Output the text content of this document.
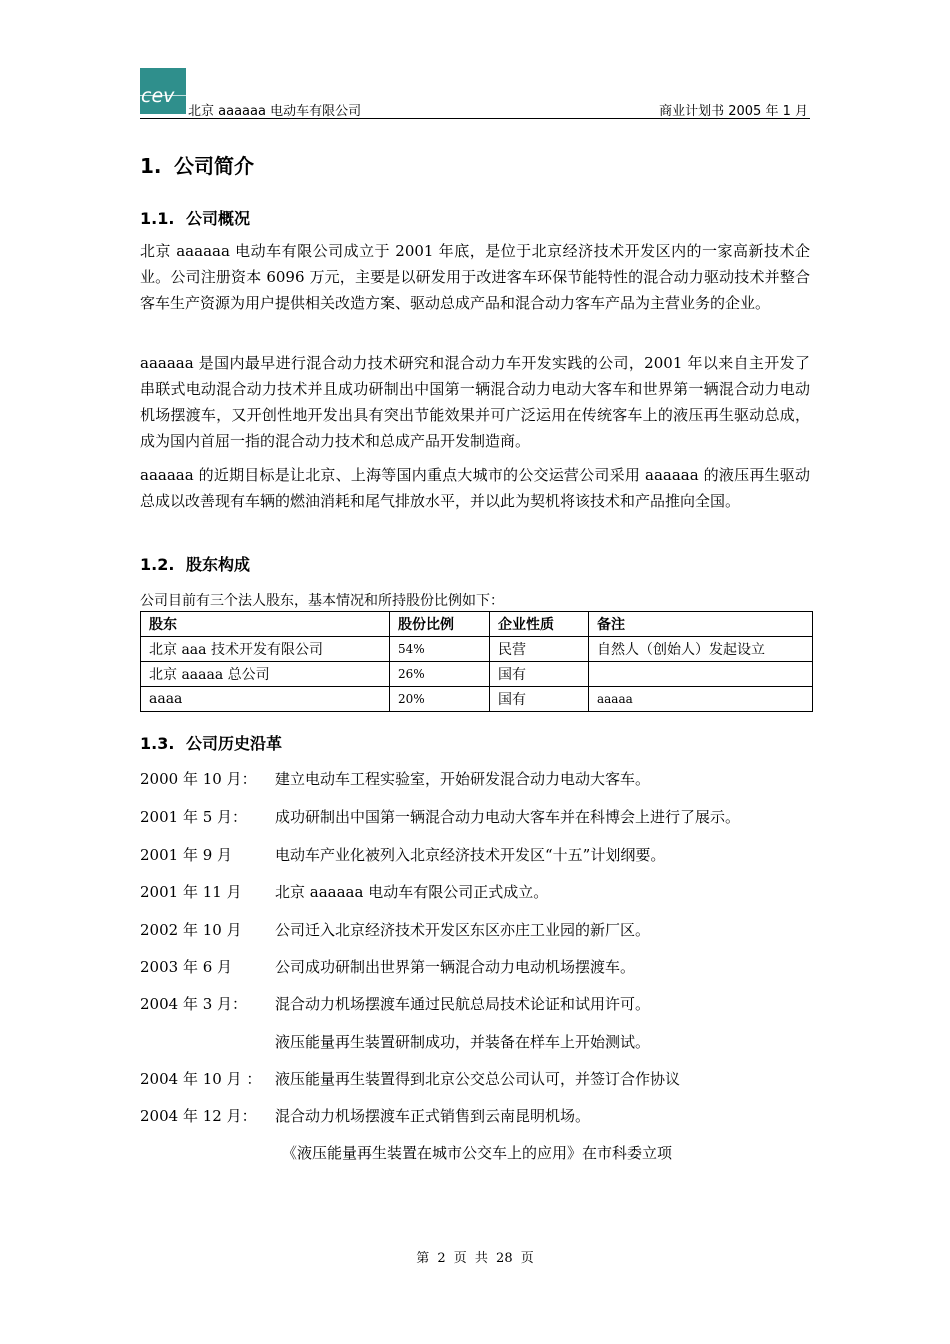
cev
北京 aaaaaa 电动车有限公司	商业计划书 2005 年 1 月
1. 公司简介
1.1. 公司概况
北京 aaaaaa 电动车有限公司成立于 2001 年底，是位于北京经济技术开发区内的一家高新技术企业。公司注册资本 6096 万元，主要是以研发用于改进客车环保节能特性的混合动力驱动技术并整合客车生产资源为用户提供相关改造方案、驱动总成产品和混合动力客车产品为主营业务的企业。
aaaaaa 是国内最早进行混合动力技术研究和混合动力车开发实践的公司，2001 年以来自主开发了串联式电动混合动力技术并且成功研制出中国第一辆混合动力电动大客车和世界第一辆混合动力电动机场摆渡车，又开创性地开发出具有突出节能效果并可广泛运用在传统客车上的液压再生驱动总成，成为国内首屈一指的混合动力技术和总成产品开发制造商。
aaaaaa 的近期目标是让北京、上海等国内重点大城市的公交运营公司采用 aaaaaa 的液压再生驱动总成以改善现有车辆的燃油消耗和尾气排放水平，并以此为契机将该技术和产品推向全国。
1.2. 股东构成
公司目前有三个法人股东，基本情况和所持股份比例如下：
股东	股份比例	企业性质	备注
北京 aaa 技术开发有限公司	54%	民营	自然人（创始人）发起设立
北京 aaaaa 总公司	26%	国有	
aaaa	20%	国有	aaaaa
1.3. 公司历史沿革
2000 年 10 月： 建立电动车工程实验室，开始研发混合动力电动大客车。
2001 年 5 月： 成功研制出中国第一辆混合动力电动大客车并在科博会上进行了展示。
2001 年 9 月	电动车产业化被列入北京经济技术开发区“十五”计划纲要。
2001 年 11 月 北京 aaaaaa 电动车有限公司正式成立。
2002 年 10 月 公司迁入北京经济技术开发区东区亦庄工业园的新厂区。
2003 年 6 月	公司成功研制出世界第一辆混合动力电动机场摆渡车。
2004 年 3 月： 混合动力机场摆渡车通过民航总局技术论证和试用许可。
液压能量再生装置研制成功，并装备在样车上开始测试。
2004 年 10 月 ： 液压能量再生装置得到北京公交总公司认可，并签订合作协议
2004 年 12 月： 混合动力机场摆渡车正式销售到云南昆明机场。
《液压能量再生装置在城市公交车上的应用》在市科委立项
第 2 页 共 28 页
